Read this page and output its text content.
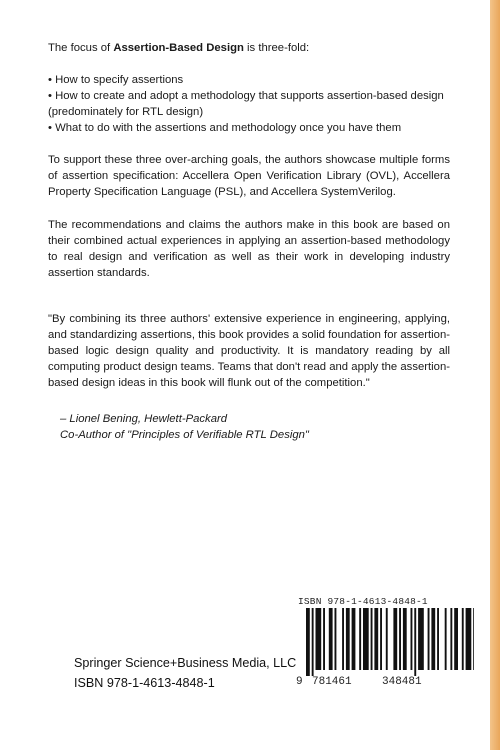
The focus of Assertion-Based Design is three-fold:

• How to specify assertions
• How to create and adopt a methodology that supports assertion-based design (predominately for RTL design)
• What to do with the assertions and methodology once you have them

To support these three over-arching goals, the authors showcase multiple forms of assertion specification: Accellera Open Verification Library (OVL), Accellera Property Specification Language (PSL), and Accellera SystemVerilog.

The recommendations and claims the authors make in this book are based on their combined actual experiences in applying an assertion-based methodology to real design and verification as well as their work in developing industry assertion standards.

"By combining its three authors' extensive experience in engineering, applying, and standardizing assertions, this book provides a solid foundation for assertion-based logic design quality and productivity. It is mandatory reading by all computing product design teams. Teams that don't read and apply the assertion-based design ideas in this book will flunk out of the competition."

– Lionel Bening, Hewlett-Packard
Co-Author of "Principles of Verifiable RTL Design"
ISBN 978-1-4613-4848-1
9 781461	348481
Springer Science+Business Media, LLC
ISBN 978-1-4613-4848-1
